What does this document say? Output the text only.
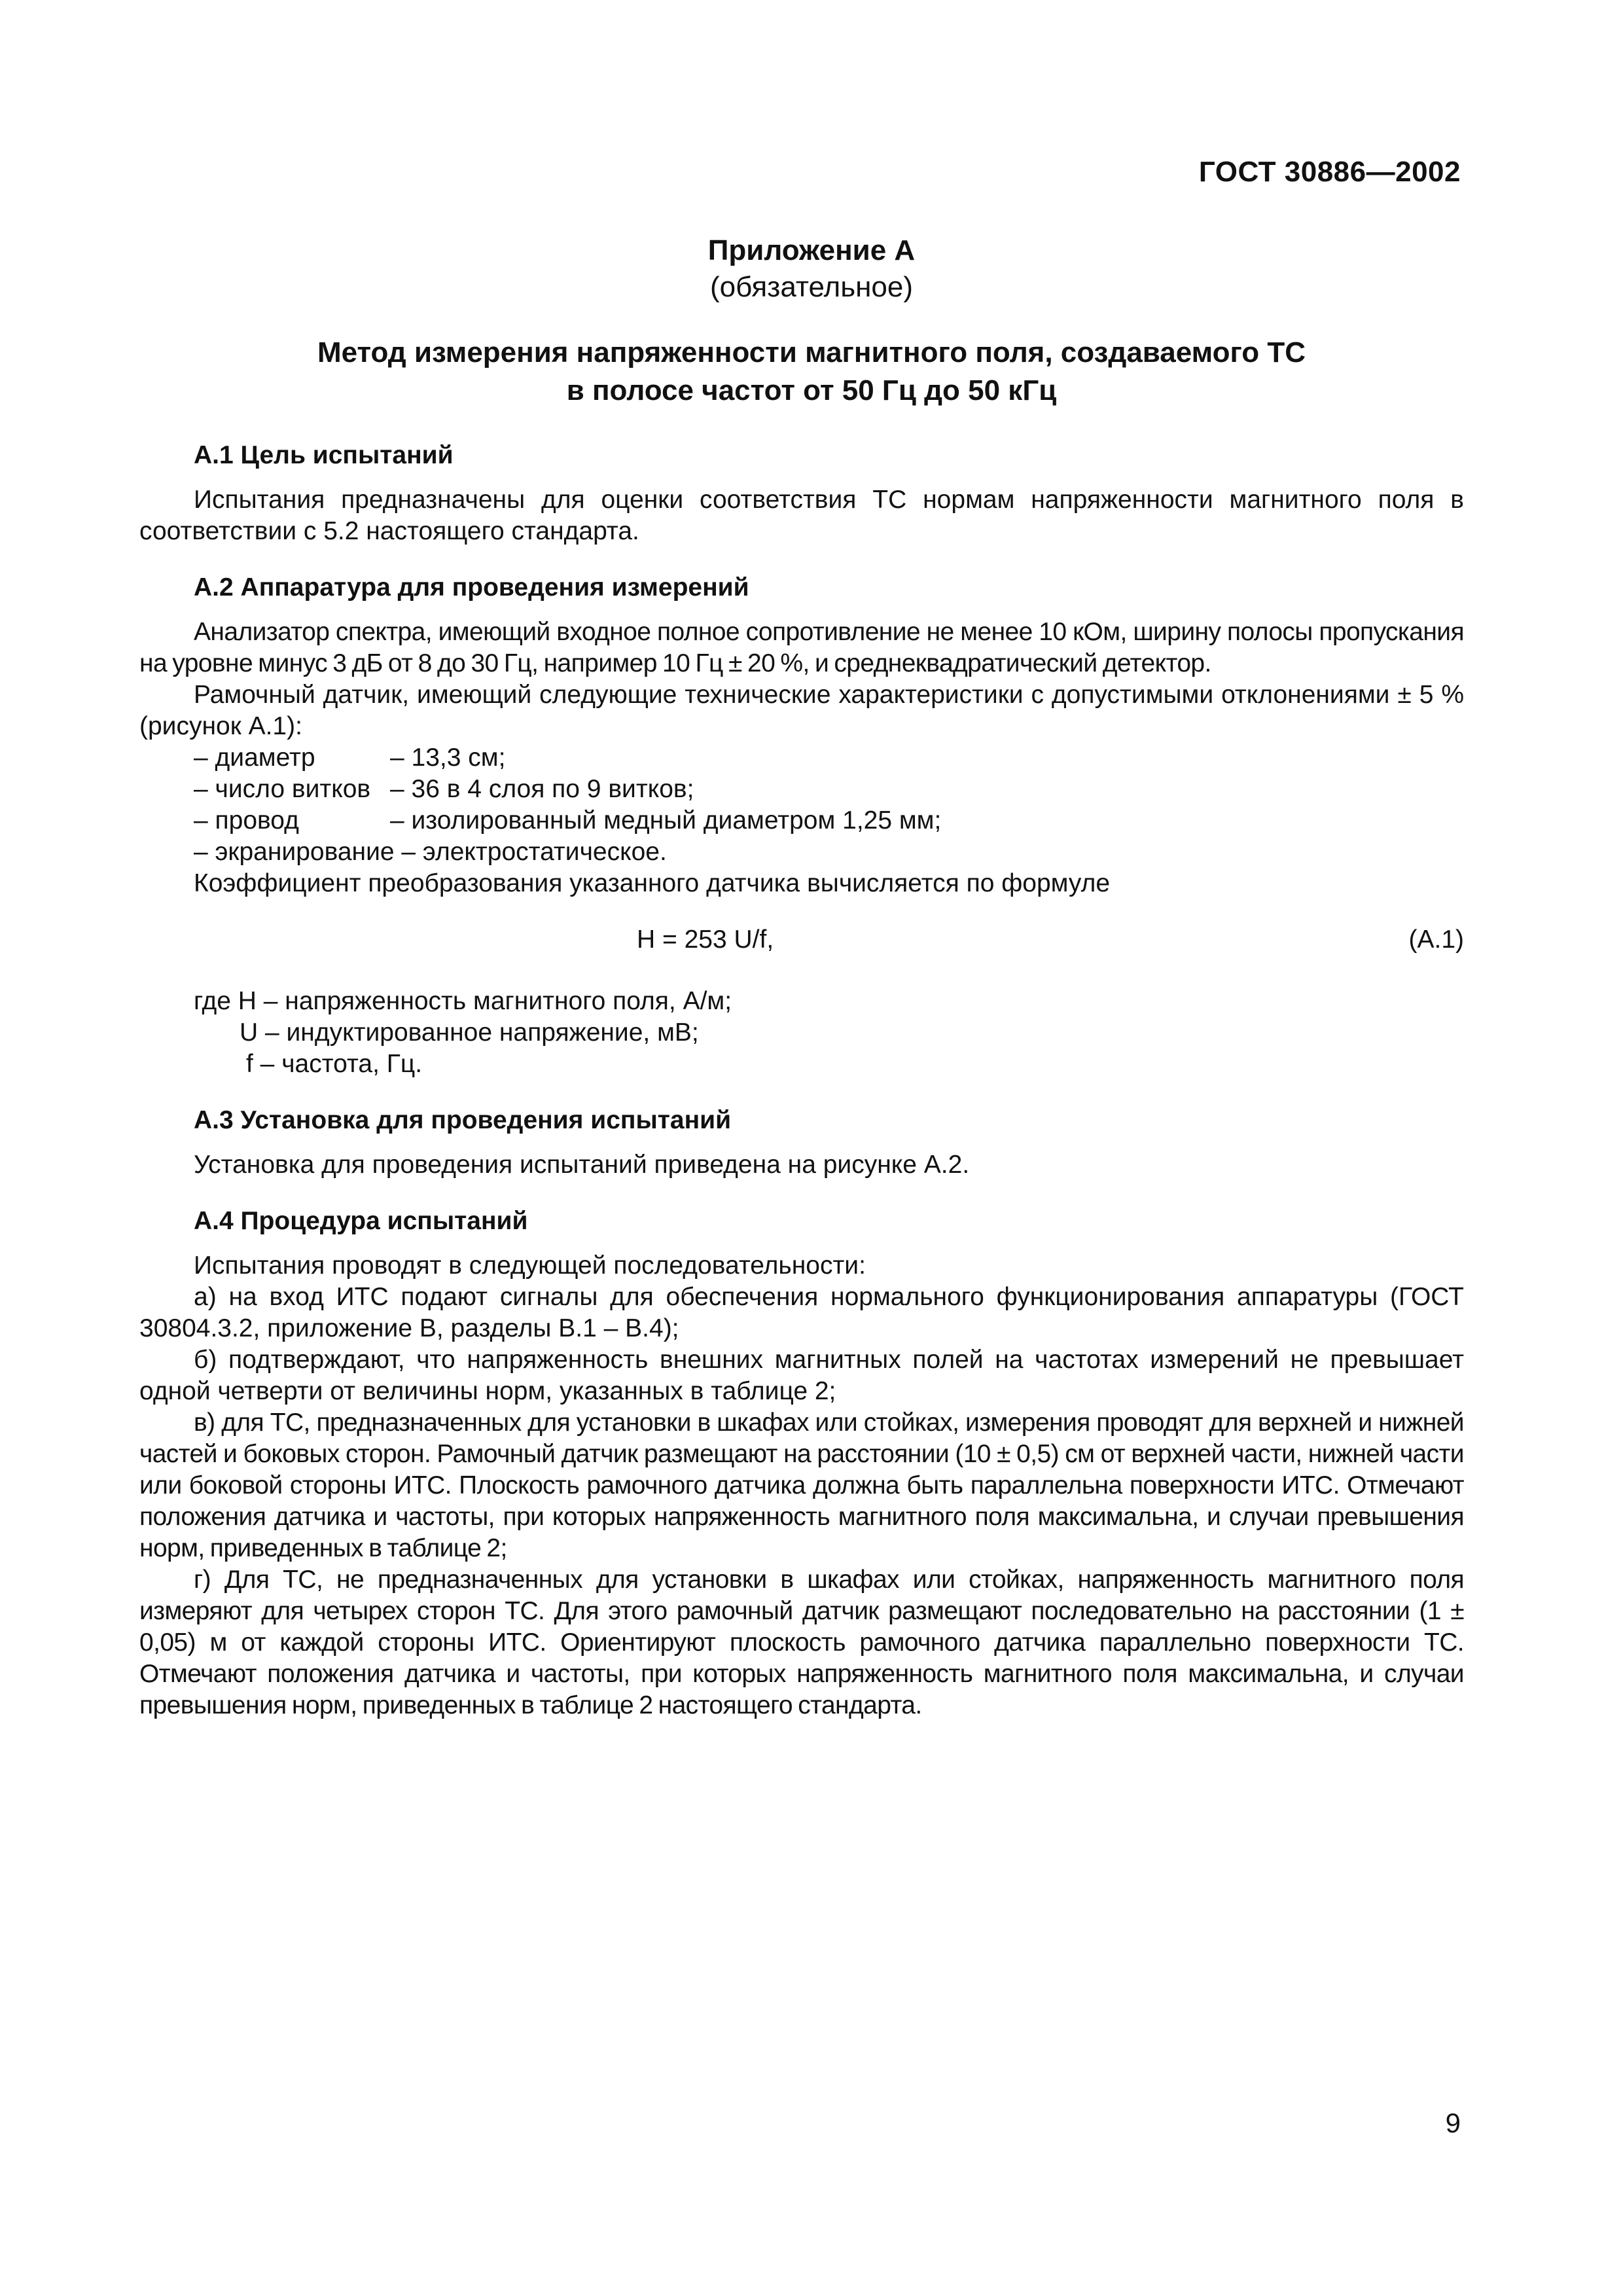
ГОСТ 30886—2002
Приложение А
(обязательное)
Метод измерения напряженности магнитного поля, создаваемого ТС
в полосе частот от 50 Гц до 50 кГц
А.1 Цель испытаний

Испытания предназначены для оценки соответствия ТС нормам напряженности магнитного поля в соответствии с 5.2 настоящего стандарта.

А.2 Аппаратура для проведения измерений

Анализатор спектра, имеющий входное полное сопротивление не менее 10 кОм, ширину полосы пропускания на уровне минус 3 дБ от 8 до 30 Гц, например 10 Гц ± 20 %, и среднеквадратический детектор.

Рамочный датчик, имеющий следующие технические характеристики с допустимыми отклонениями ± 5 % (рисунок А.1):

– диаметр	– 13,3 см;
– число витков – 36 в 4 слоя по 9 витков;
– провод	– изолированный медный диаметром 1,25 мм;
– экранирование – электростатическое.
Коэффициент преобразования указанного датчика вычисляется по формуле
H = 253 U/f,	(А.1)
где H – напряженность магнитного поля, А/м;
U – индуктированное напряжение, мВ;
f – частота, Гц.
А.3 Установка для проведения испытаний

Установка для проведения испытаний приведена на рисунке А.2.

А.4 Процедура испытаний

Испытания проводят в следующей последовательности:

а) на вход ИТС подают сигналы для обеспечения нормального функционирования аппаратуры (ГОСТ 30804.3.2, приложение В, разделы В.1 – В.4);

б) подтверждают, что напряженность внешних магнитных полей на частотах измерений не превышает одной четверти от величины норм, указанных в таблице 2;

в) для ТС, предназначенных для установки в шкафах или стойках, измерения проводят для верхней и нижней частей и боковых сторон. Рамочный датчик размещают на расстоянии (10 ± 0,5) см от верхней части, нижней части или боковой стороны ИТС. Плоскость рамочного датчика должна быть параллельна поверхности ИТС. Отмечают положения датчика и частоты, при которых напряженность магнитного поля максимальна, и случаи превышения норм, приведенных в таблице 2;

г) Для ТС, не предназначенных для установки в шкафах или стойках, напряженность магнитного поля измеряют для четырех сторон ТС. Для этого рамочный датчик размещают последовательно на расстоянии (1 ± 0,05) м от каждой стороны ИТС. Ориентируют плоскость рамочного датчика параллельно поверхности ТС. Отмечают положения датчика и частоты, при которых напряженность магнитного поля максимальна, и случаи превышения норм, приведенных в таблице 2 настоящего стандарта.

9
